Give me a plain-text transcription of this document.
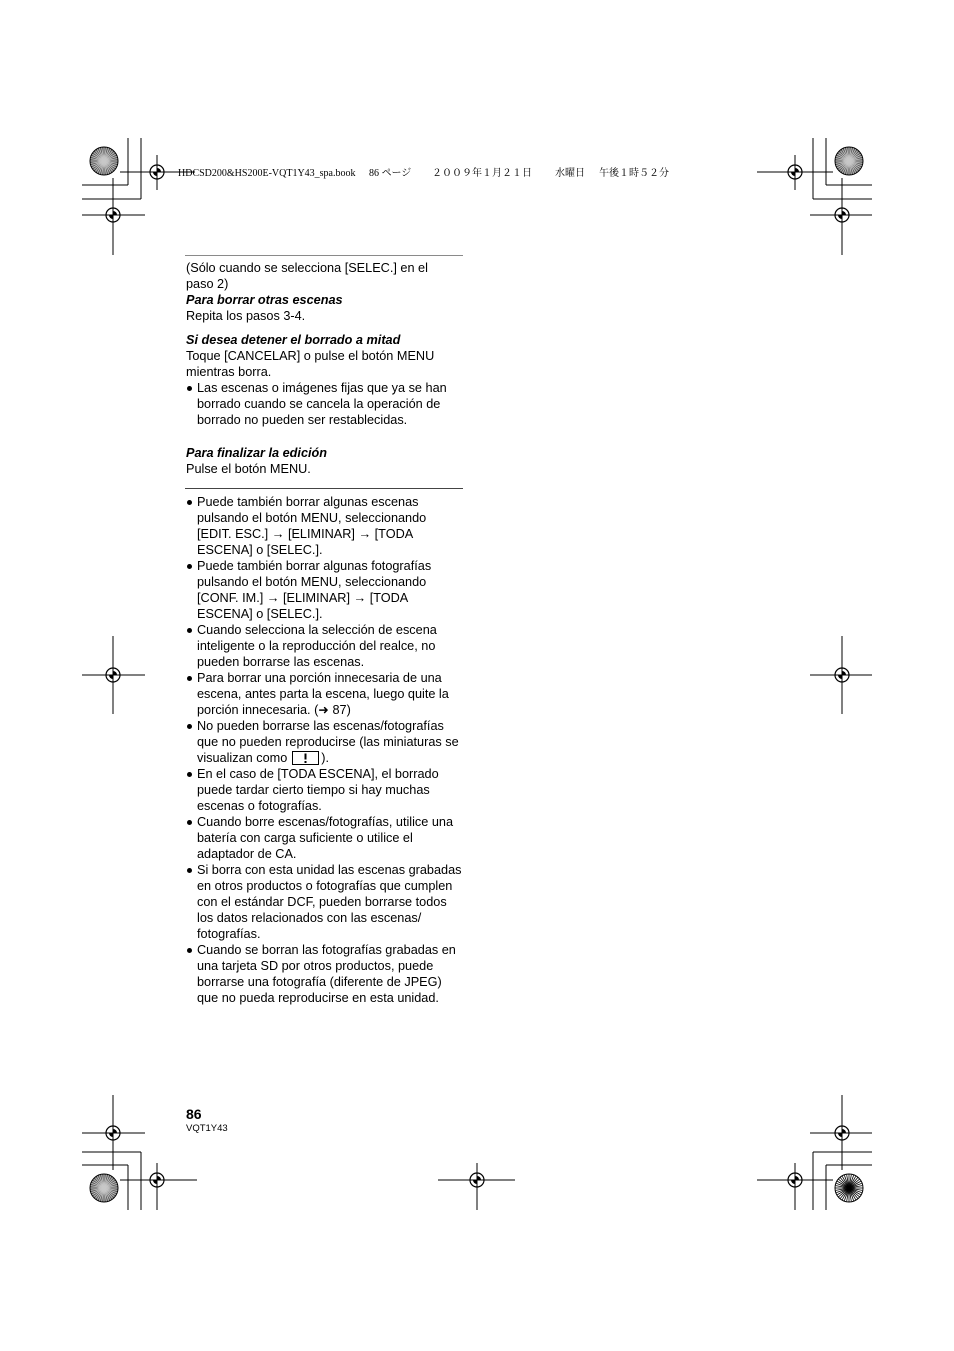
HDCSD200&HS200E-VQT1Y43_spa.book 86 ページ ２００９年１月２１日 水曜日 午後１時５２分
(Sólo cuando se selecciona [SELEC.] en el
paso 2)
Para borrar otras escenas
Repita los pasos 3-4.
Si desea detener el borrado a mitad
Toque [CANCELAR] o pulse el botón MENU
mientras borra.
Las escenas o imágenes fijas que ya se han
borrado cuando se cancela la operación de
borrado no pueden ser restablecidas.
Para finalizar la edición
Pulse el botón MENU.
Puede también borrar algunas escenas
pulsando el botón MENU, seleccionando
[EDIT. ESC.] → [ELIMINAR] → [TODA
ESCENA] o [SELEC.].
Puede también borrar algunas fotografías
pulsando el botón MENU, seleccionando
[CONF. IM.] → [ELIMINAR] → [TODA
ESCENA] o [SELEC.].
Cuando selecciona la selección de escena
inteligente o la reproducción del realce, no
pueden borrarse las escenas.
Para borrar una porción innecesaria de una
escena, antes parta la escena, luego quite la
porción innecesaria. (➜ 87)
No pueden borrarse las escenas/fotografías
que no pueden reproducirse (las miniaturas se
visualizan como	).
En el caso de [TODA ESCENA], el borrado
puede tardar cierto tiempo si hay muchas
escenas o fotografías.
Cuando borre escenas/fotografías, utilice una
batería con carga suficiente o utilice el
adaptador de CA.
Si borra con esta unidad las escenas grabadas
en otros productos o fotografías que cumplen
con el estándar DCF, pueden borrarse todos
los datos relacionados con las escenas/
fotografías.
Cuando se borran las fotografías grabadas en
una tarjeta SD por otros productos, puede
borrarse una fotografía (diferente de JPEG)
que no pueda reproducirse en esta unidad.
86
VQT1Y43
